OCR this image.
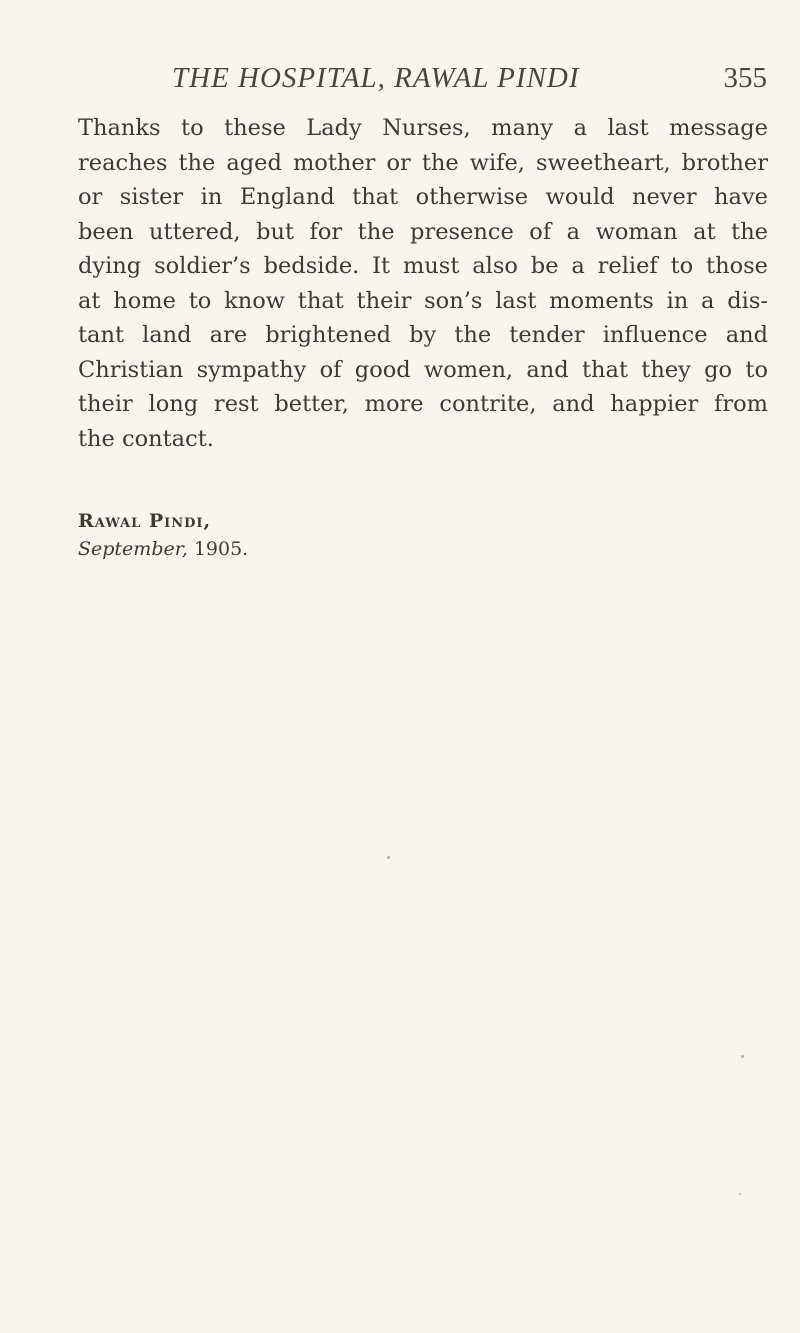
THE HOSPITAL, RAWAL PINDI	355
Thanks to these Lady Nurses, many a last message
reaches the aged mother or the wife, sweetheart, brother
or sister in England that otherwise would never have
been uttered, but for the presence of a woman at the
dying soldier’s bedside. It must also be a relief to those
at home to know that their son’s last moments in a dis-
tant land are brightened by the tender influence and
Christian sympathy of good women, and that they go to
their long rest better, more contrite, and happier from
the contact.
Rawal Pindi,
September, 1905.
